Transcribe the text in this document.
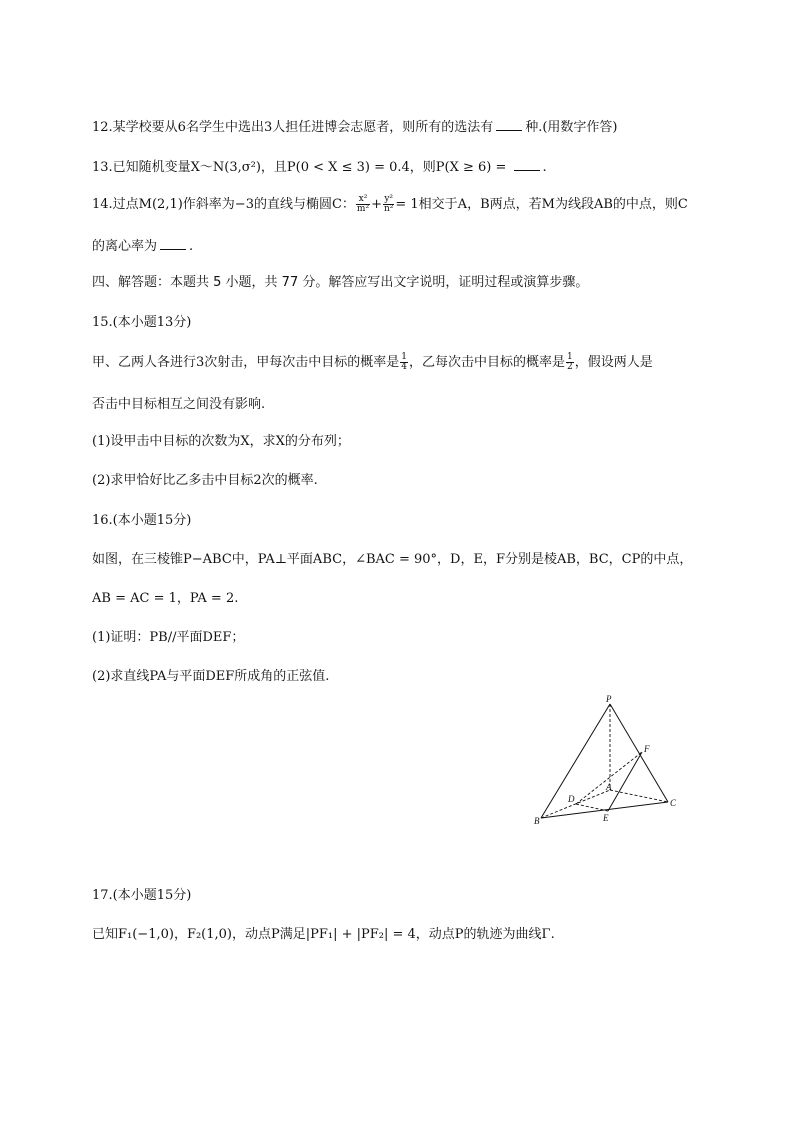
12.某学校要从6名学生中选出3人担任进博会志愿者，则所有的选法有 种.(用数字作答)
13.已知随机变量X～N(3,σ²)，且P(0 < X ≤ 3) = 0.4，则P(X ≥ 6) = .
14.过点M(2,1)作斜率为−3的直线与椭圆C： $\frac{\text{x²}}{\text{m²}} + \frac{\text{y²}}{\text{n²}} = 1$相交于A，B两点，若M为线段AB的中点，则C
的离心率为 .
四、解答题：本题共 5 小题，共 77 分。解答应写出文字说明，证明过程或演算步骤。
15.(本小题13分)
甲、乙两人各进行3次射击，甲每次击中目标的概率是 $\frac{1}{4}$ ，乙每次击中目标的概率是 $\frac{1}{2}$ ，假设两人是
否击中目标相互之间没有影响.
(1)设甲击中目标的次数为X，求X的分布列；
(2)求甲恰好比乙多击中目标2次的概率.
16.(本小题15分)
如图，在三棱锥P−ABC中，PA⊥平面ABC，∠BAC = 90°，D，E，F分别是棱AB，BC，CP的中点，
AB = AC = 1，PA = 2.
(1)证明：PB//平面DEF；
(2)求直线PA与平面DEF所成角的正弦值.
P
F
D
A
C
B	E
17.(本小题15分)
已知F₁(−1,0)，F₂(1,0)，动点P满足|PF₁| + |PF₂| = 4，动点P的轨迹为曲线Γ.
